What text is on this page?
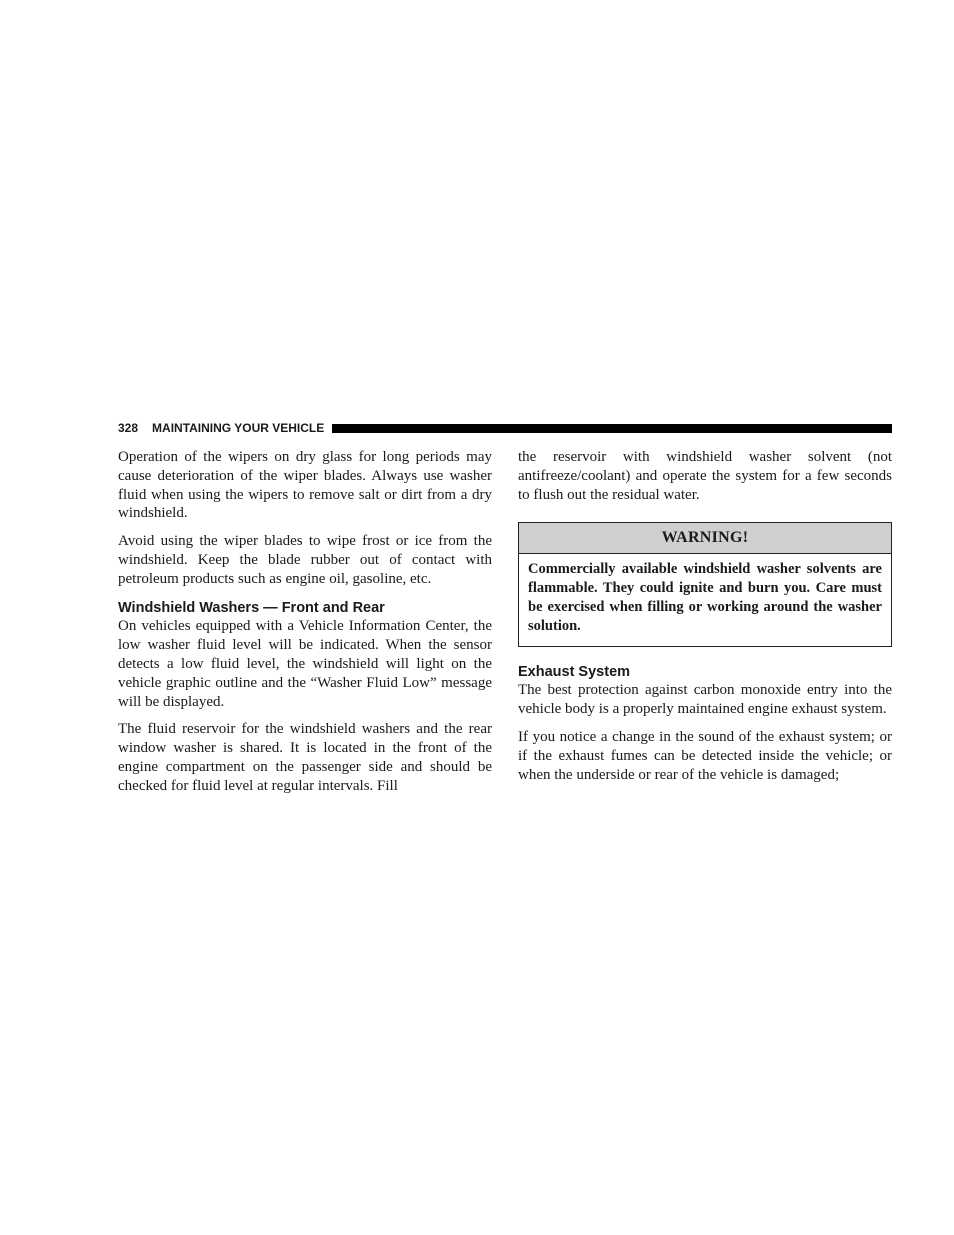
328 MAINTAINING YOUR VEHICLE

Operation of the wipers on dry glass for long periods may cause deterioration of the wiper blades. Always use washer fluid when using the wipers to remove salt or dirt from a dry windshield.

Avoid using the wiper blades to wipe frost or ice from the windshield. Keep the blade rubber out of contact with petroleum products such as engine oil, gasoline, etc.

Windshield Washers — Front and Rear

On vehicles equipped with a Vehicle Information Center, the low washer fluid level will be indicated. When the sensor detects a low fluid level, the windshield will light on the vehicle graphic outline and the “Washer Fluid Low” message will be displayed.

The fluid reservoir for the windshield washers and the rear window washer is shared. It is located in the front of the engine compartment on the passenger side and should be checked for fluid level at regular intervals. Fill

the reservoir with windshield washer solvent (not antifreeze/coolant) and operate the system for a few seconds to flush out the residual water.

WARNING!

Commercially available windshield washer solvents are flammable. They could ignite and burn you. Care must be exercised when filling or working around the washer solution.

Exhaust System

The best protection against carbon monoxide entry into the vehicle body is a properly maintained engine exhaust system.

If you notice a change in the sound of the exhaust system; or if the exhaust fumes can be detected inside the vehicle; or when the underside or rear of the vehicle is damaged;
